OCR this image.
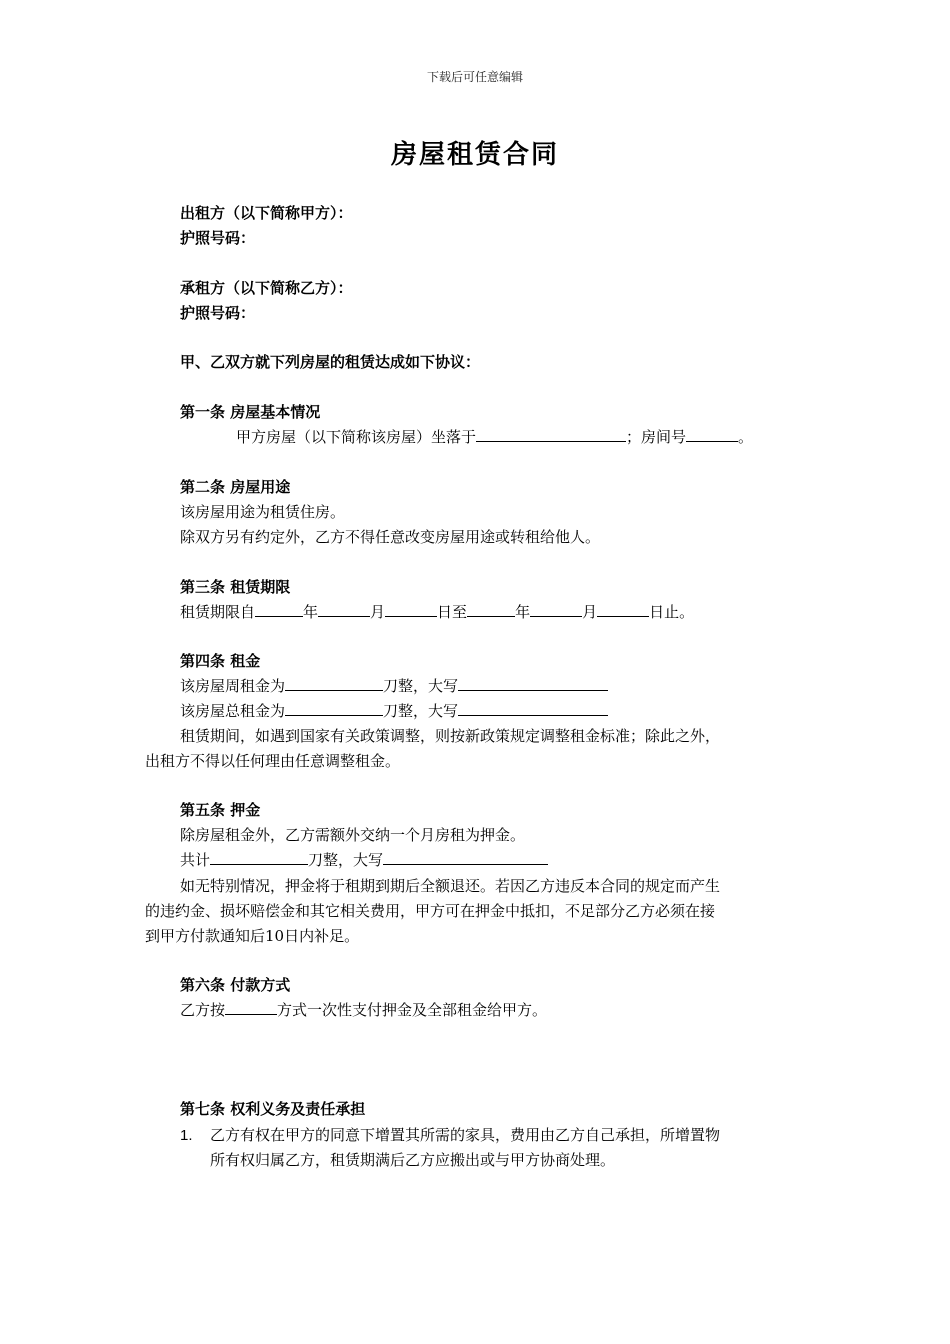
下载后可任意编辑
房屋租赁合同
出租方（以下简称甲方）：
护照号码：
承租方（以下简称乙方）：
护照号码：
甲、乙双方就下列房屋的租赁达成如下协议：
第一条 房屋基本情况
甲方房屋（以下简称该房屋）坐落于	；房间号	。
第二条 房屋用途
该房屋用途为租赁住房。
除双方另有约定外，乙方不得任意改变房屋用途或转租给他人。
第三条 租赁期限
租赁期限自	年	月	日至	年	月	日止。
第四条 租金
该房屋周租金为	刀整，大写
该房屋总租金为	刀整，大写
租赁期间，如遇到国家有关政策调整，则按新政策规定调整租金标准；除此之外，
出租方不得以任何理由任意调整租金。
第五条 押金
除房屋租金外，乙方需额外交纳一个月房租为押金。
共计	刀整，大写
如无特别情况，押金将于租期到期后全额退还。若因乙方违反本合同的规定而产生
的违约金、损坏赔偿金和其它相关费用，甲方可在押金中抵扣，不足部分乙方必须在接
到甲方付款通知后10日内补足。
第六条 付款方式
乙方按	方式一次性支付押金及全部租金给甲方。
第七条 权利义务及责任承担
1. 乙方有权在甲方的同意下增置其所需的家具，费用由乙方自己承担，所增置物
所有权归属乙方，租赁期满后乙方应搬出或与甲方协商处理。
